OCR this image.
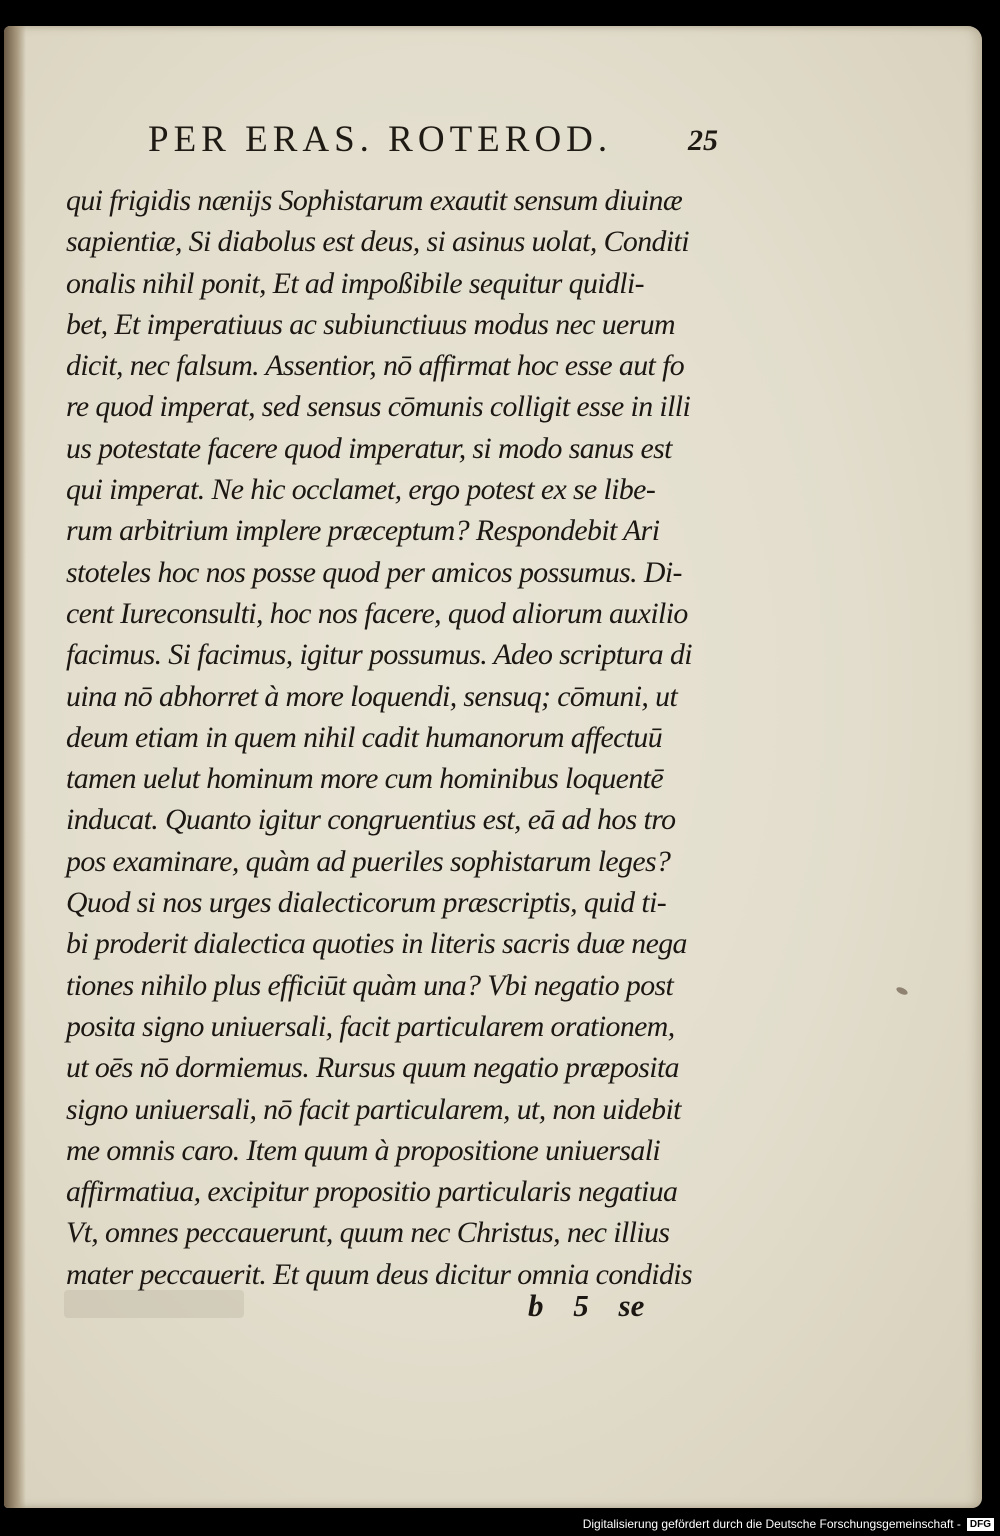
PER ERAS. ROTEROD.	25
qui frigidis nænijs Sophistarum exautit sensum diuinæ
sapientiæ, Si diabolus est deus, si asinus uolat, Conditi
onalis nihil ponit, Et ad impoßibile sequitur quidli-
bet, Et imperatiuus ac subiunctiuus modus nec uerum
dicit, nec falsum. Assentior, nō affirmat hoc esse aut fo
re quod imperat, sed sensus cōmunis colligit esse in illi
us potestate facere quod imperatur, si modo sanus est
qui imperat. Ne hic occlamet, ergo potest ex se libe-
rum arbitrium implere præceptum? Respondebit Ari
stoteles hoc nos posse quod per amicos possumus. Di-
cent Iureconsulti, hoc nos facere, quod aliorum auxilio
facimus. Si facimus, igitur possumus. Adeo scriptura di
uina nō abhorret à more loquendi, sensuq; cōmuni, ut
deum etiam in quem nihil cadit humanorum affectuū
tamen uelut hominum more cum hominibus loquentē
inducat. Quanto igitur congruentius est, eā ad hos tro
pos examinare, quàm ad pueriles sophistarum leges?
Quod si nos urges dialecticorum præscriptis, quid ti-
bi proderit dialectica quoties in literis sacris duæ nega
tiones nihilo plus efficiūt quàm una? Vbi negatio post
posita signo uniuersali, facit particularem orationem,
ut oēs nō dormiemus. Rursus quum negatio præposita
signo uniuersali, nō facit particularem, ut, non uidebit
me omnis caro. Item quum à propositione uniuersali
affirmatiua, excipitur propositio particularis negatiua
Vt, omnes peccauerunt, quum nec Christus, nec illius
mater peccauerit. Et quum deus dicitur omnia condidis
b 5 se
Digitalisierung gefördert durch die Deutsche Forschungsgemeinschaft - DFG
